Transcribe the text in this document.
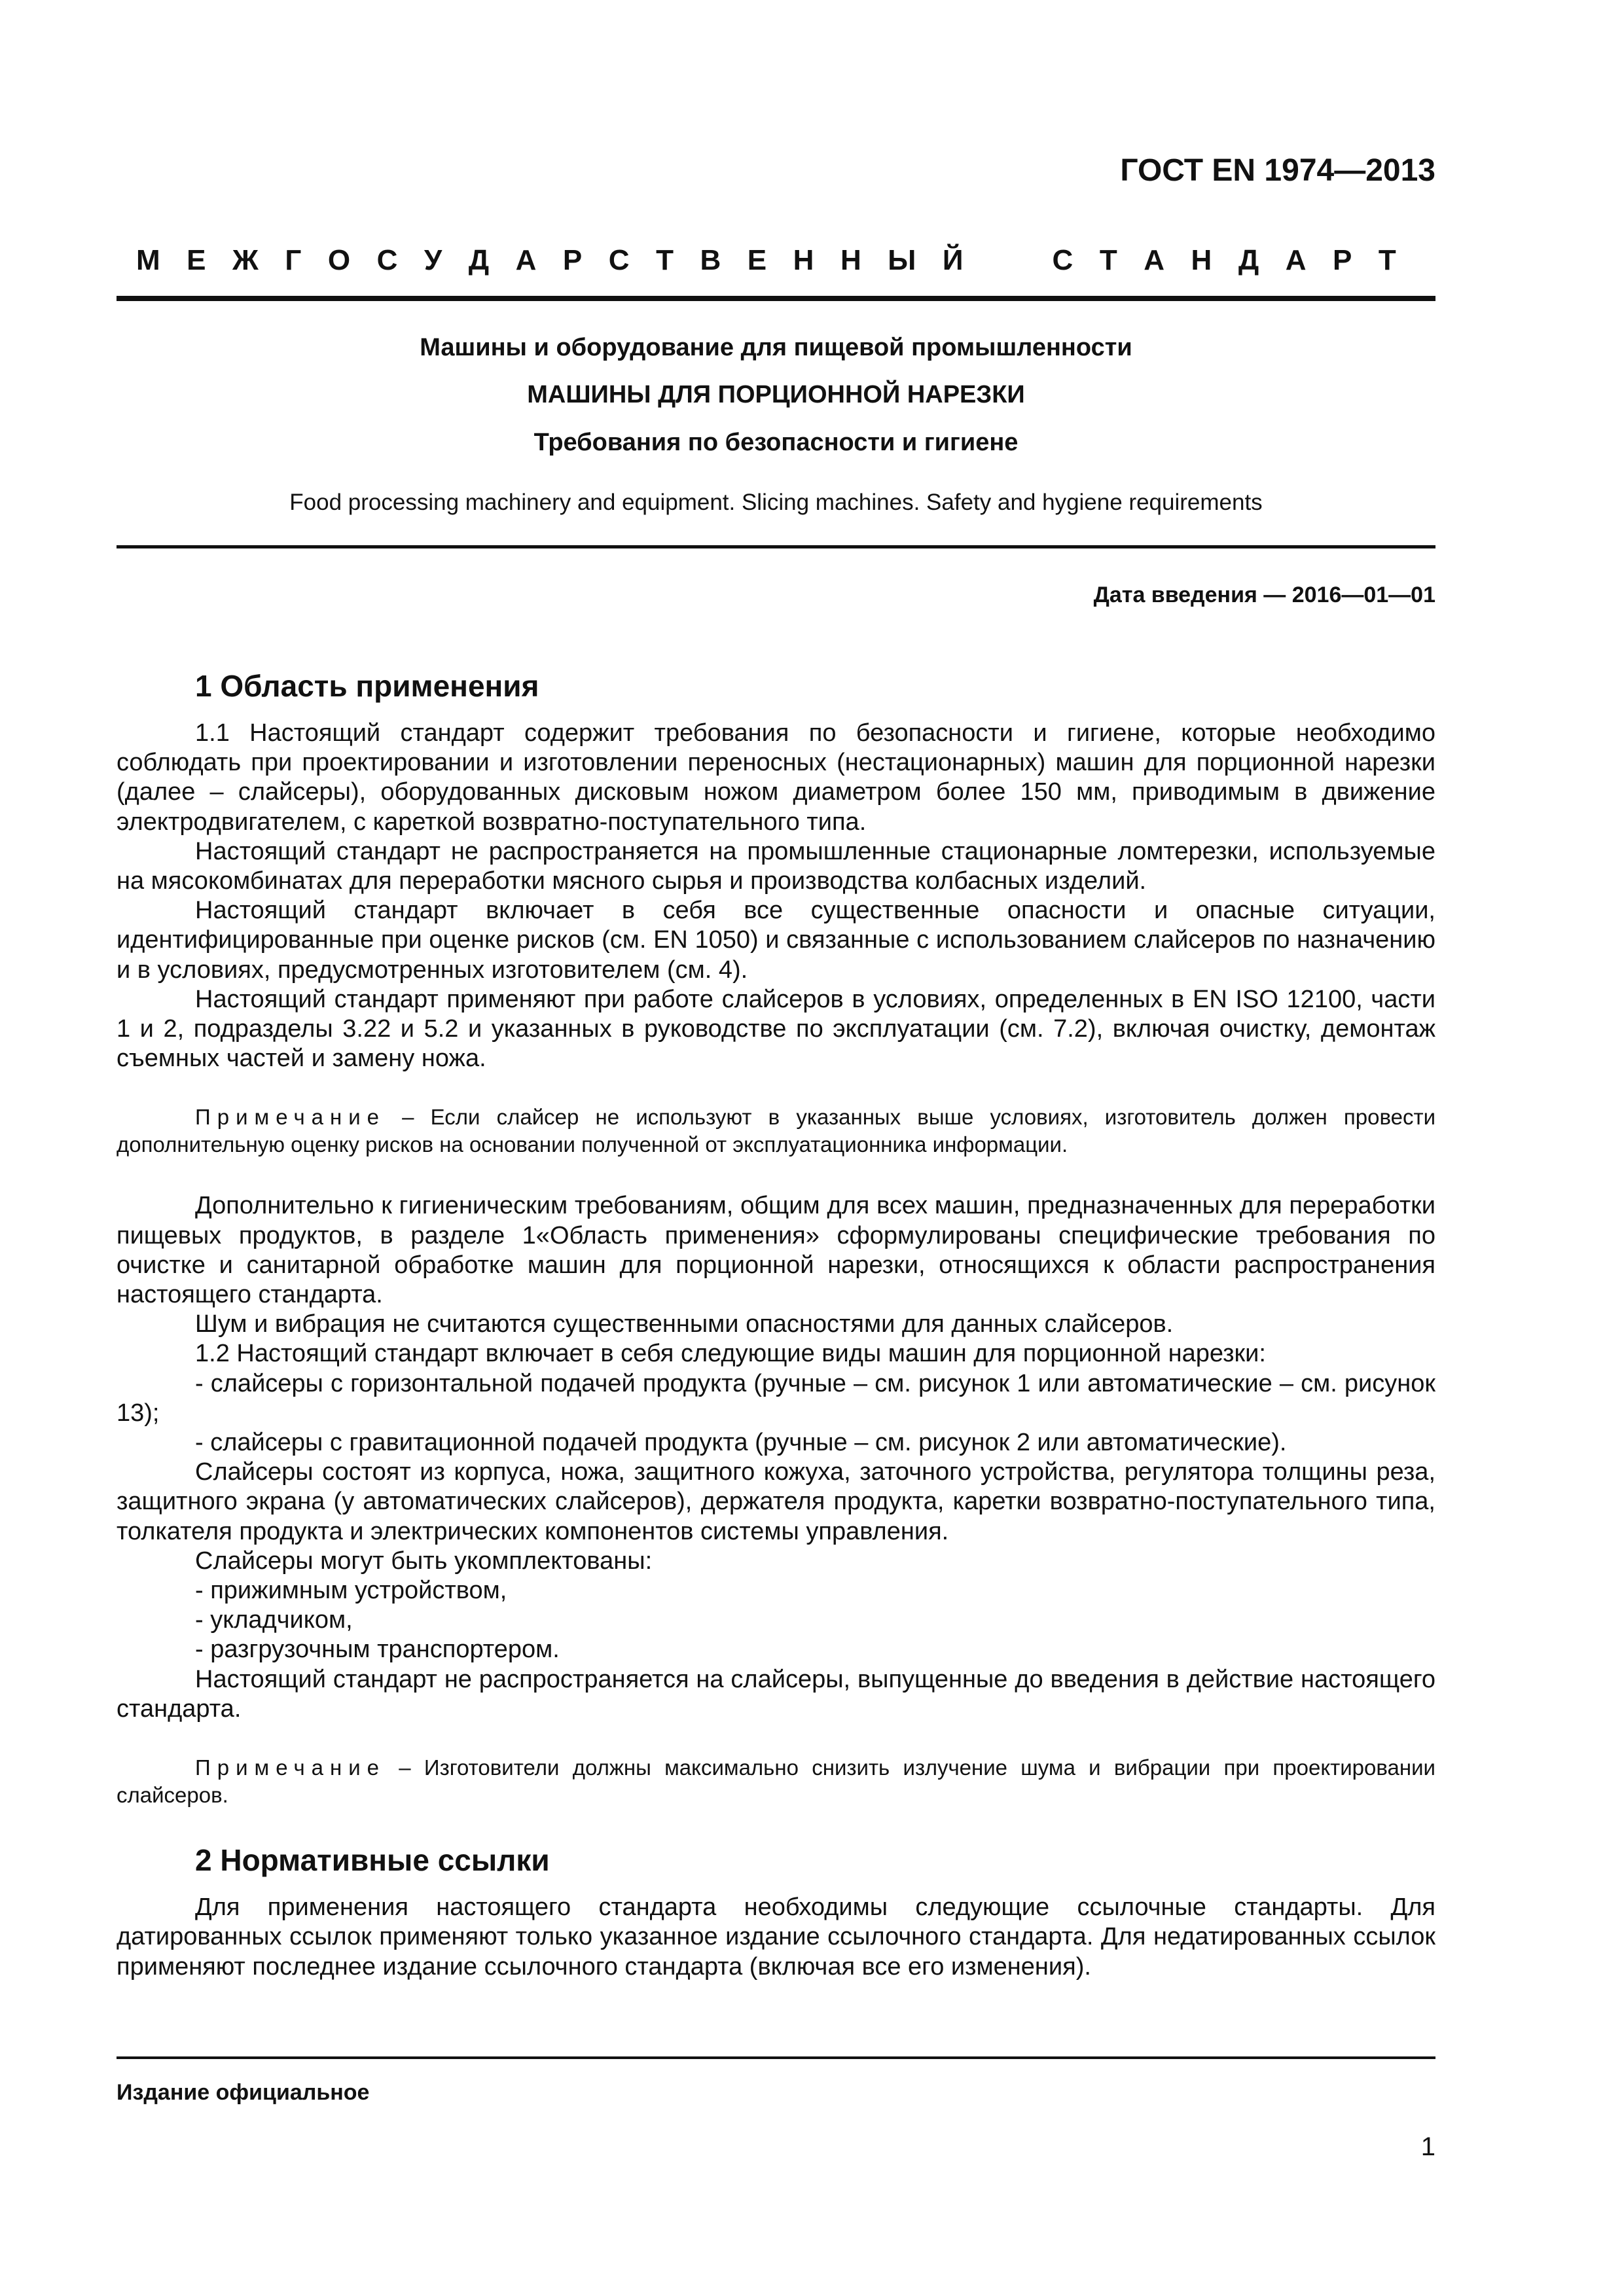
ГОСТ EN 1974—2013
М Е Ж Г О С У Д А Р С Т В Е Н Н Ы Й	С Т А Н Д А Р Т
Машины и оборудование для пищевой промышленности
МАШИНЫ ДЛЯ ПОРЦИОННОЙ НАРЕЗКИ
Требования по безопасности и гигиене
Food processing machinery and equipment. Slicing machines. Safety and hygiene requirements
Дата введения — 2016—01—01
1 Область применения

1.1 Настоящий стандарт содержит требования по безопасности и гигиене, которые необходимо соблюдать при проектировании и изготовлении переносных (нестационарных) машин для порционной нарезки (далее – слайсеры), оборудованных дисковым ножом диаметром более 150 мм, приводимым в движение электродвигателем, с кареткой возвратно-поступательного типа.

Настоящий стандарт не распространяется на промышленные стационарные ломтерезки, используемые на мясокомбинатах для переработки мясного сырья и производства колбасных изделий.

Настоящий стандарт включает в себя все существенные опасности и опасные ситуации, идентифицированные при оценке рисков (см. EN 1050) и связанные с использованием слайсеров по назначению и в условиях, предусмотренных изготовителем (см. 4).

Настоящий стандарт применяют при работе слайсеров в условиях, определенных в EN ISO 12100, части 1 и 2, подразделы 3.22 и 5.2 и указанных в руководстве по эксплуатации (см. 7.2), включая очистку, демонтаж съемных частей и замену ножа.

Примечание – Если слайсер не используют в указанных выше условиях, изготовитель должен провести дополнительную оценку рисков на основании полученной от эксплуатационника информации.

Дополнительно к гигиеническим требованиям, общим для всех машин, предназначенных для переработки пищевых продуктов, в разделе 1«Область применения» сформулированы специфические требования по очистке и санитарной обработке машин для порционной нарезки, относящихся к области распространения настоящего стандарта.

Шум и вибрация не считаются существенными опасностями для данных слайсеров.

1.2 Настоящий стандарт включает в себя следующие виды машин для порционной нарезки:

- слайсеры с горизонтальной подачей продукта (ручные – см. рисунок 1 или автоматические – см. рисунок 13);

- слайсеры с гравитационной подачей продукта (ручные – см. рисунок 2 или автоматические).

Слайсеры состоят из корпуса, ножа, защитного кожуха, заточного устройства, регулятора толщины реза, защитного экрана (у автоматических слайсеров), держателя продукта, каретки возвратно-поступательного типа, толкателя продукта и электрических компонентов системы управления.

Слайсеры могут быть укомплектованы:

- прижимным устройством,

- укладчиком,

- разгрузочным транспортером.

Настоящий стандарт не распространяется на слайсеры, выпущенные до введения в действие настоящего стандарта.

Примечание – Изготовители должны максимально снизить излучение шума и вибрации при проектировании слайсеров.

2 Нормативные ссылки

Для применения настоящего стандарта необходимы следующие ссылочные стандарты. Для датированных ссылок применяют только указанное издание ссылочного стандарта. Для недатированных ссылок применяют последнее издание ссылочного стандарта (включая все его изменения).

Издание официальное
1
